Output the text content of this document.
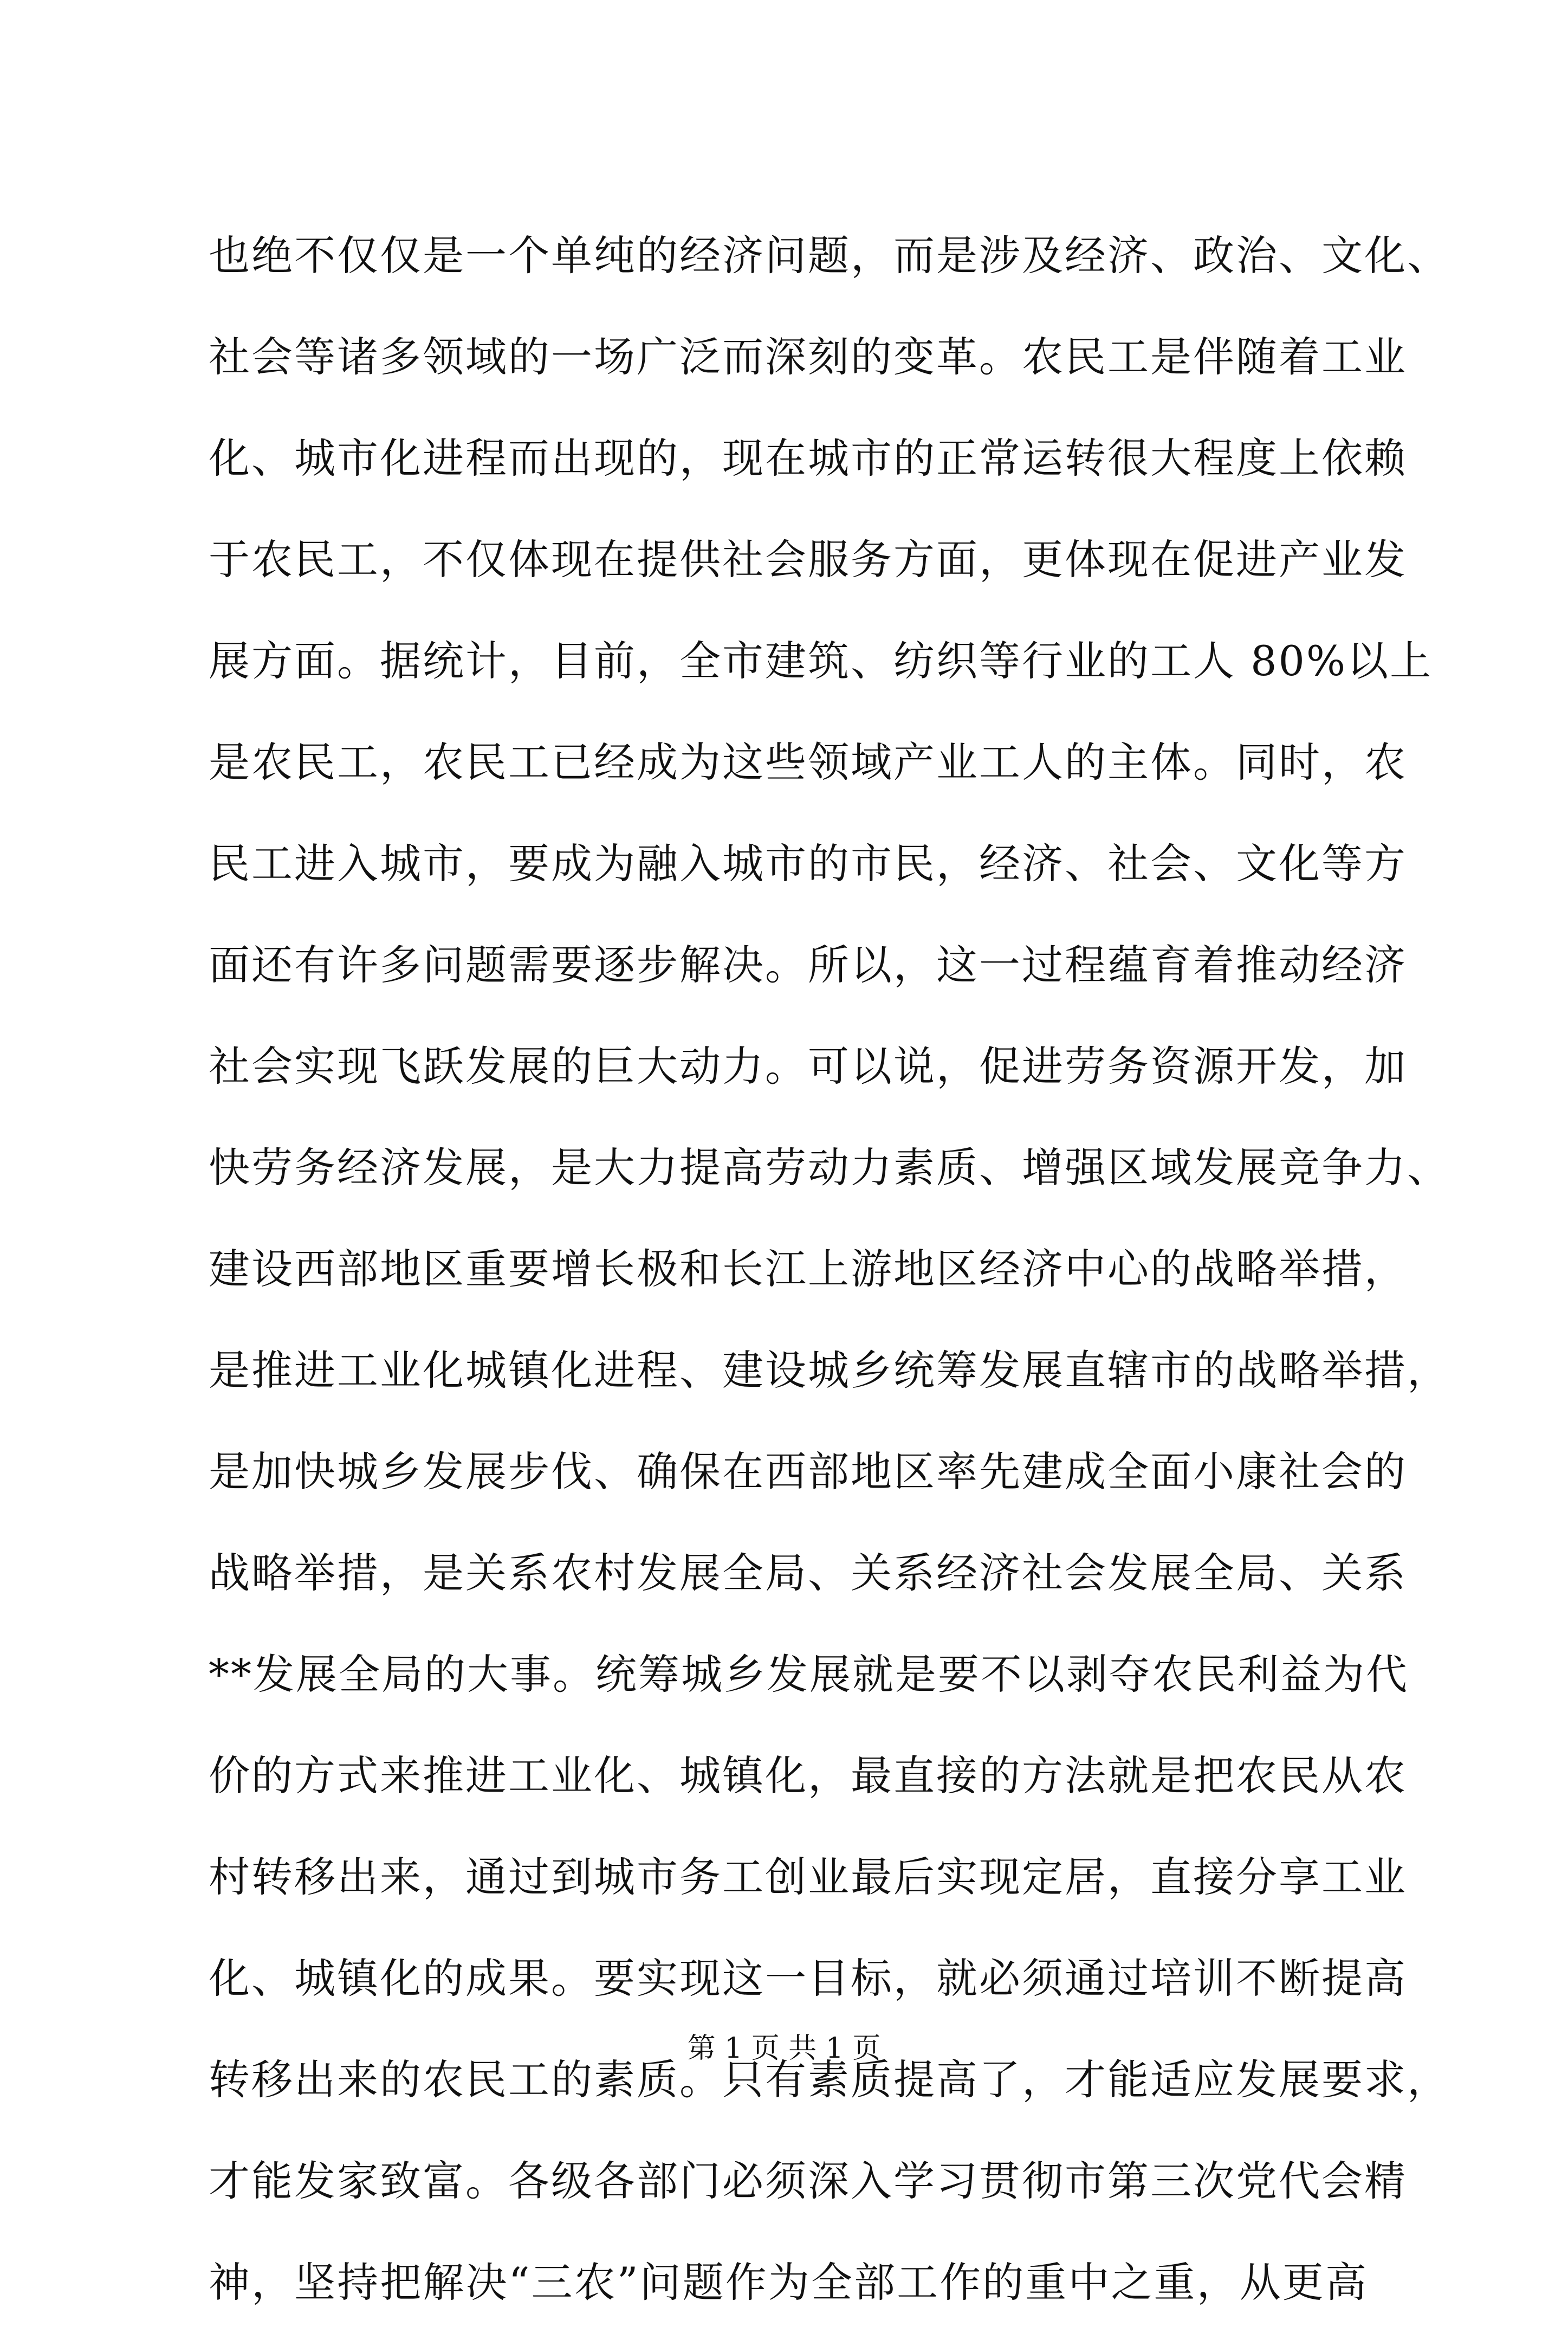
也绝不仅仅是一个单纯的经济问题，而是涉及经济、政治、文化、
社会等诸多领域的一场广泛而深刻的变革。农民工是伴随着工业
化、城市化进程而出现的，现在城市的正常运转很大程度上依赖
于农民工，不仅体现在提供社会服务方面，更体现在促进产业发
展方面。据统计，目前，全市建筑、纺织等行业的工人 80%以上
是农民工，农民工已经成为这些领域产业工人的主体。同时，农
民工进入城市，要成为融入城市的市民，经济、社会、文化等方
面还有许多问题需要逐步解决。所以，这一过程蕴育着推动经济
社会实现飞跃发展的巨大动力。可以说，促进劳务资源开发，加
快劳务经济发展，是大力提高劳动力素质、增强区域发展竞争力、
建设西部地区重要增长极和长江上游地区经济中心的战略举措，
是推进工业化城镇化进程、建设城乡统筹发展直辖市的战略举措，
是加快城乡发展步伐、确保在西部地区率先建成全面小康社会的
战略举措，是关系农村发展全局、关系经济社会发展全局、关系
**发展全局的大事。统筹城乡发展就是要不以剥夺农民利益为代
价的方式来推进工业化、城镇化，最直接的方法就是把农民从农
村转移出来，通过到城市务工创业最后实现定居，直接分享工业
化、城镇化的成果。要实现这一目标，就必须通过培训不断提高
转移出来的农民工的素质。只有素质提高了，才能适应发展要求，
才能发家致富。各级各部门必须深入学习贯彻市第三次党代会精
神，坚持把解决“三农”问题作为全部工作的重中之重，从更高
第 1 页 共 1 页
